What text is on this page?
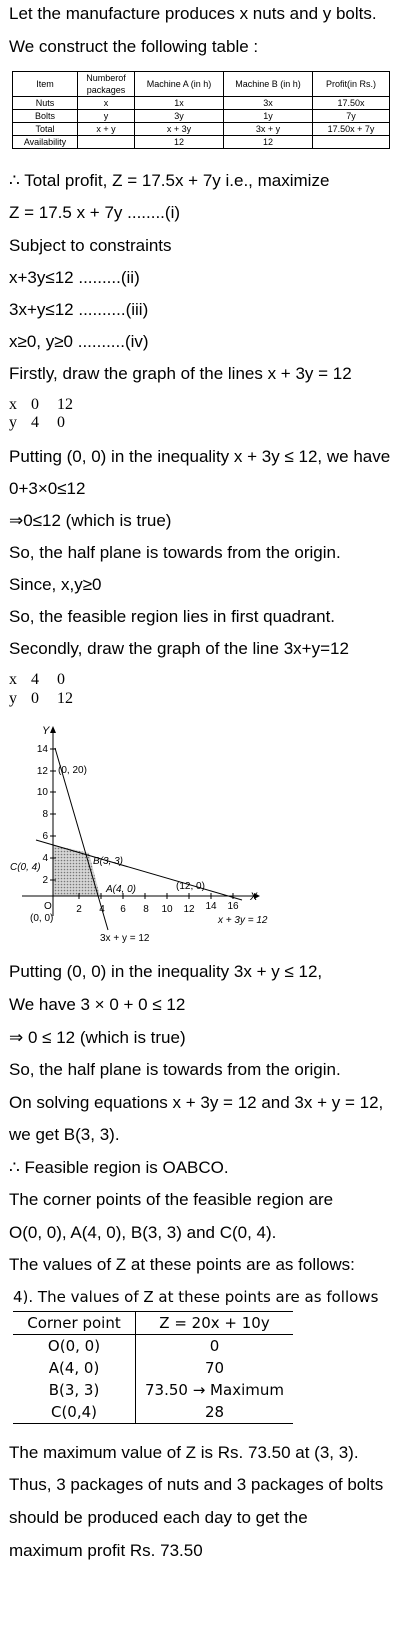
Let the manufacture produces x nuts and y bolts.
We construct the following table :
Item	Numberof packages	Machine A (in h)	Machine B (in h)	Profit(in Rs.)
Nuts	x	1x	3x	17.50x
Bolts	y	3y	1y	7y
Total	x + y	x + 3y	3x + y	17.50x + 7y
Availability		12	12	
∴ Total profit, Z = 17.5x + 7y i.e., maximize
Z = 17.5 x + 7y ........(i)
Subject to constraints
x+3y≤12 .........(ii)
3x+y≤12 ..........(iii)
x≥0, y≥0 ..........(iv)
Firstly, draw the graph of the lines x + 3y = 12
x 0 12
y 4 0
Putting (0, 0) in the inequality x + 3y ≤ 12, we have
0+3×0≤12
⇒0≤12 (which is true)
So, the half plane is towards from the origin.
Since, x,y≥0
So, the feasible region lies in first quadrant.
Secondly, draw the graph of the line 3x+y=12
x 4 0
y 0 12
2 4 6 8 10 12 14 16
2
4
6
8
10
12
14
X
Y
O
(0, 20)
C(0, 4)
B(3, 3)
A(4, 0)	(12, 0)
(0, 0)	x + 3y = 12
3x + y = 12
Putting (0, 0) in the inequality 3x + y ≤ 12,
We have 3 × 0 + 0 ≤ 12
⇒ 0 ≤ 12 (which is true)
So, the half plane is towards from the origin.
On solving equations x + 3y = 12 and 3x + y = 12,
we get B(3, 3).
∴ Feasible region is OABCO.
The corner points of the feasible region are
O(0, 0), A(4, 0), B(3, 3) and C(0, 4).
The values of Z at these points are as follows:
4). The values of Z at these points are as follows
Corner point	Z = 20x + 10y
O(0, 0)	0
A(4, 0)	70
B(3, 3)	73.50 → Maximum
C(0,4)	28
The maximum value of Z is Rs. 73.50 at (3, 3).
Thus, 3 packages of nuts and 3 packages of bolts
should be produced each day to get the
maximum profit Rs. 73.50
